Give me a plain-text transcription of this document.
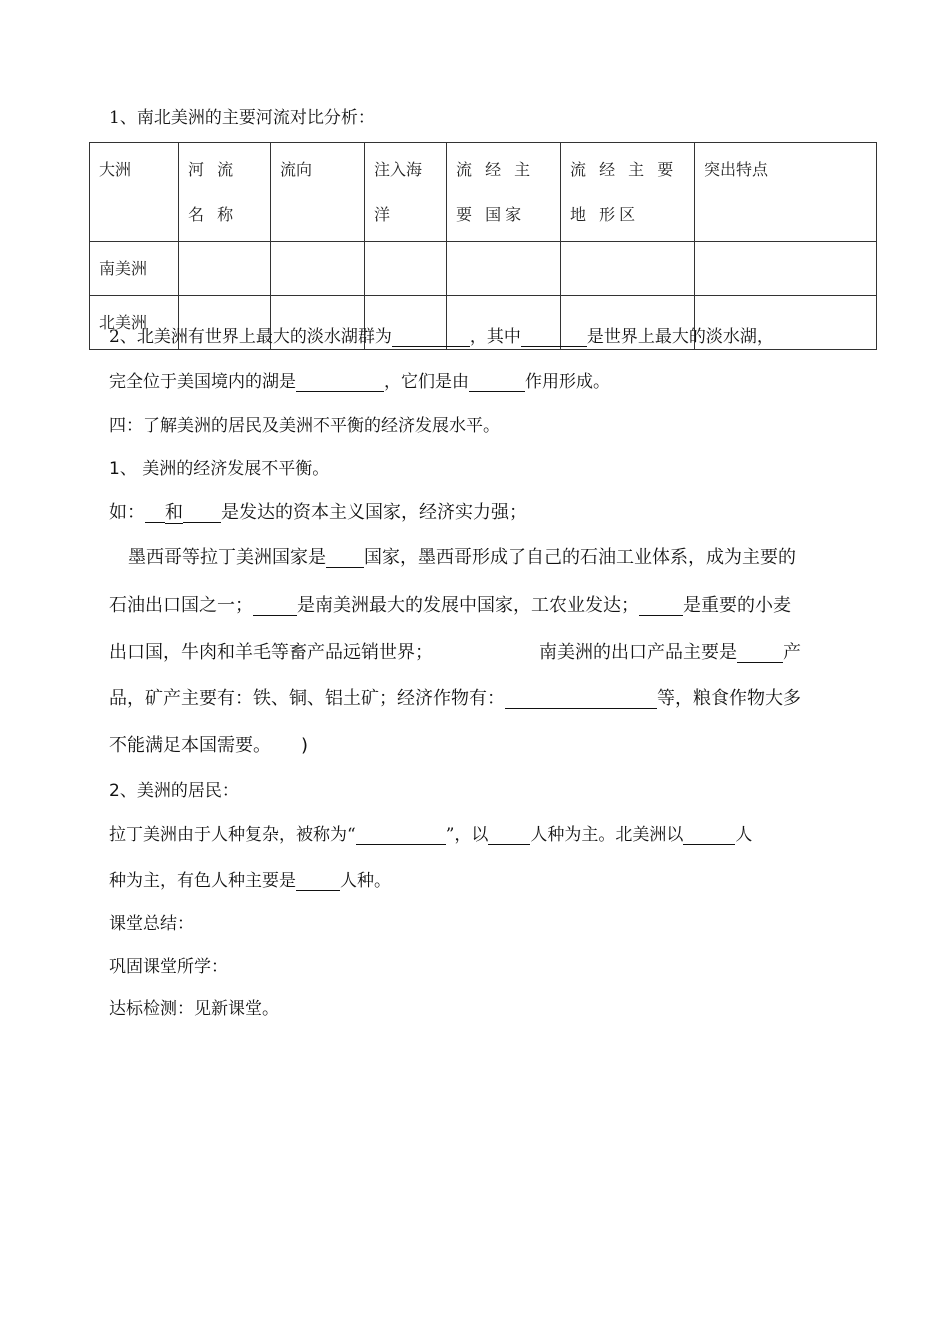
1、南北美洲的主要河流对比分析：
大洲	河 流 名 称	流向	注入海洋	流 经 主 要 国家	流 经 主 要 地 形区	突出特点
南美洲						
北美洲						
2、北美洲有世界上最大的淡水湖群为	，其中	是世界上最大的淡水湖，
完全位于美国境内的湖是	，它们是由	作用形成。
四：了解美洲的居民及美洲不平衡的经济发展水平。
1、 美洲的经济发展不平衡。
如： 和 是发达的资本主义国家，经济实力强；
墨西哥等拉丁美洲国家是 国家，墨西哥形成了自己的石油工业体系，成为主要的
石油出口国之一； 是南美洲最大的发展中国家，工农业发达； 是重要的小麦
出口国，牛肉和羊毛等畜产品远销世界；	南美洲的出口产品主要是	产
品，矿产主要有：铁、铜、铝土矿；经济作物有：	等，粮食作物大多
不能满足本国需要。 )
2、美洲的居民：
拉丁美洲由于人种复杂，被称为“	”，以 人种为主。北美洲以	人
种为主，有色人种主要是	人种。
课堂总结：
巩固课堂所学：
达标检测：见新课堂。
